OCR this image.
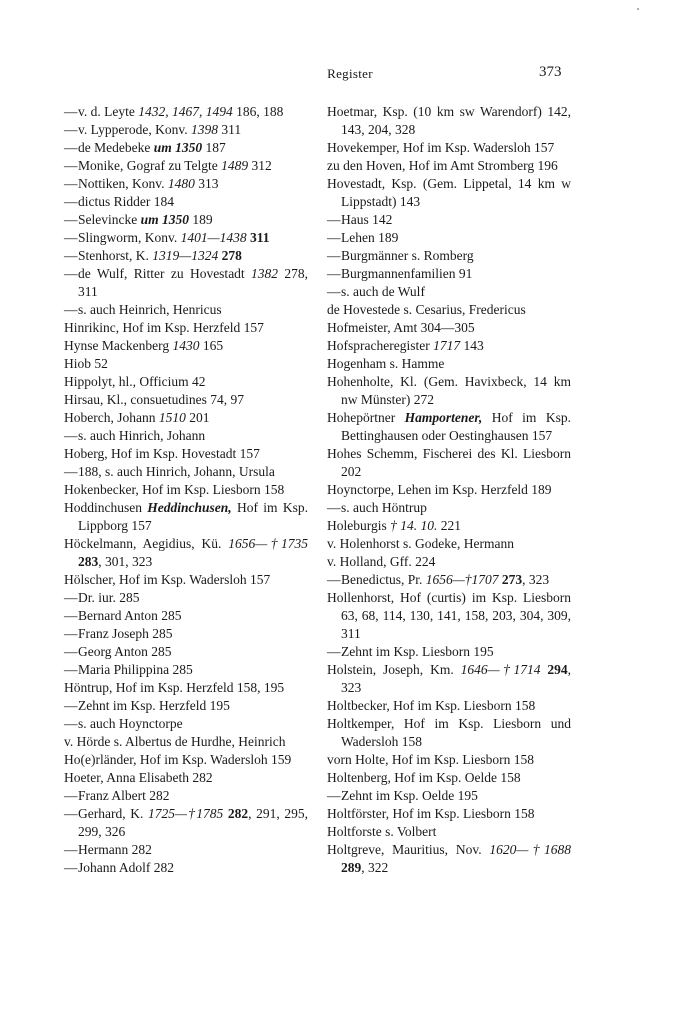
Register	373
—v. d. Leyte 1432, 1467, 1494 186, 188
—v. Lypperode, Konv. 1398 311
—de Medebeke um 1350 187
—Monike, Gograf zu Telgte 1489 312
—Nottiken, Konv. 1480 313
—dictus Ridder 184
—Selevincke um 1350 189
—Slingworm, Konv. 1401—1438 311
—Stenhorst, K. 1319—1324 278
—de Wulf, Ritter zu Hovestadt 1382 278, 311
—s. auch Heinrich, Henricus
Hinrikinc, Hof im Ksp. Herzfeld 157
Hynse Mackenberg 1430 165
Hiob 52
Hippolyt, hl., Officium 42
Hirsau, Kl., consuetudines 74, 97
Hoberch, Johann 1510 201
—s. auch Hinrich, Johann
Hoberg, Hof im Ksp. Hovestadt 157
—188, s. auch Hinrich, Johann, Ursula
Hokenbecker, Hof im Ksp. Liesborn 158
Hoddinchusen Heddinchusen, Hof im Ksp. Lippborg 157
Höckelmann, Aegidius, Kü. 1656—†1735 283, 301, 323
Hölscher, Hof im Ksp. Wadersloh 157
—Dr. iur. 285
—Bernard Anton 285
—Franz Joseph 285
—Georg Anton 285
—Maria Philippina 285
Höntrup, Hof im Ksp. Herzfeld 158, 195
—Zehnt im Ksp. Herzfeld 195
—s. auch Hoynctorpe
v. Hörde s. Albertus de Hurdhe, Heinrich
Ho(e)rländer, Hof im Ksp. Wadersloh 159
Hoeter, Anna Elisabeth 282
—Franz Albert 282
—Gerhard, K. 1725—†1785 282, 291, 295, 299, 326
—Hermann 282
—Johann Adolf 282
Hoetmar, Ksp. (10 km sw Warendorf) 142, 143, 204, 328
Hovekemper, Hof im Ksp. Wadersloh 157
zu den Hoven, Hof im Amt Stromberg 196
Hovestadt, Ksp. (Gem. Lippetal, 14 km w Lippstadt) 143
—Haus 142
—Lehen 189
—Burgmänner s. Romberg
—Burgmannenfamilien 91
—s. auch de Wulf
de Hovestede s. Cesarius, Fredericus
Hofmeister, Amt 304—305
Hofspracheregister 1717 143
Hogenham s. Hamme
Hohenholte, Kl. (Gem. Havixbeck, 14 km nw Münster) 272
Hohepörtner Hamportener, Hof im Ksp. Bettinghausen oder Oestinghausen 157
Hohes Schemm, Fischerei des Kl. Liesborn 202
Hoynctorpe, Lehen im Ksp. Herzfeld 189
—s. auch Höntrup
Holeburgis † 14. 10. 221
v. Holenhorst s. Godeke, Hermann
v. Holland, Gff. 224
—Benedictus, Pr. 1656—†1707 273, 323
Hollenhorst, Hof (curtis) im Ksp. Liesborn 63, 68, 114, 130, 141, 158, 203, 304, 309, 311
—Zehnt im Ksp. Liesborn 195
Holstein, Joseph, Km. 1646—†1714 294, 323
Holtbecker, Hof im Ksp. Liesborn 158
Holtkemper, Hof im Ksp. Liesborn und Wadersloh 158
vorn Holte, Hof im Ksp. Liesborn 158
Holtenberg, Hof im Ksp. Oelde 158
—Zehnt im Ksp. Oelde 195
Holtförster, Hof im Ksp. Liesborn 158
Holtforste s. Volbert
Holtgreve, Mauritius, Nov. 1620—†1688 289, 322
